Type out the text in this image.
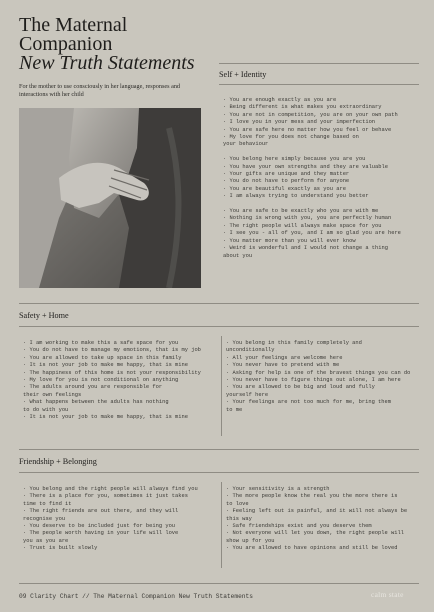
The Maternal
Companion
New Truth Statements
For the mother to use consciously in her language, responses and interactions with her child
Self + Identity
· You are enough exactly as you are
· Being different is what makes you extraordinary
· You are not in competition, you are on your own path
· I love you in your mess and your imperfection
· You are safe here no matter how you feel or behave
· My love for you does not change based on
your behaviour
· You belong here simply because you are you
· You have your own strengths and they are valuable
· Your gifts are unique and they matter
· You do not have to perform for anyone
· You are beautiful exactly as you are
· I am always trying to understand you better
· You are safe to be exactly who you are with me
· Nothing is wrong with you, you are perfectly human
· The right people will always make space for you
· I see you - all of you, and I am so glad you are here
· You matter more than you will ever know
· Weird is wonderful and I would not change a thing
about you
Safety + Home
· I am working to make this a safe space for you
· You do not have to manage my emotions, that is my job
· You are allowed to take up space in this family
· It is not your job to make me happy, that is mine
· The happiness of this home is not your responsibility
· My love for you is not conditional on anything
· The adults around you are responsible for
their own feelings
· What happens between the adults has nothing
to do with you
· It is not your job to make me happy, that is mine
· You belong in this family completely and
unconditionally
· All your feelings are welcome here
· You never have to pretend with me
· Asking for help is one of the bravest things you can do
· You never have to figure things out alone, I am here
· You are allowed to be big and loud and fully
yourself here
· Your feelings are not too much for me, bring them
to me
Friendship + Belonging
· You belong and the right people will always find you
· There is a place for you, sometimes it just takes
time to find it
· The right friends are out there, and they will
recognise you
· You deserve to be included just for being you
· The people worth having in your life will love
you as you are
· Trust is built slowly
· Your sensitivity is a strength
· The more people know the real you the more there is
to love
· Feeling left out is painful, and it will not always be
this way
· Safe friendships exist and you deserve them
· Not everyone will let you down, the right people will
show up for you
· You are allowed to have opinions and still be loved
09 Clarity Chart // The Maternal Companion New Truth Statements	calm state
